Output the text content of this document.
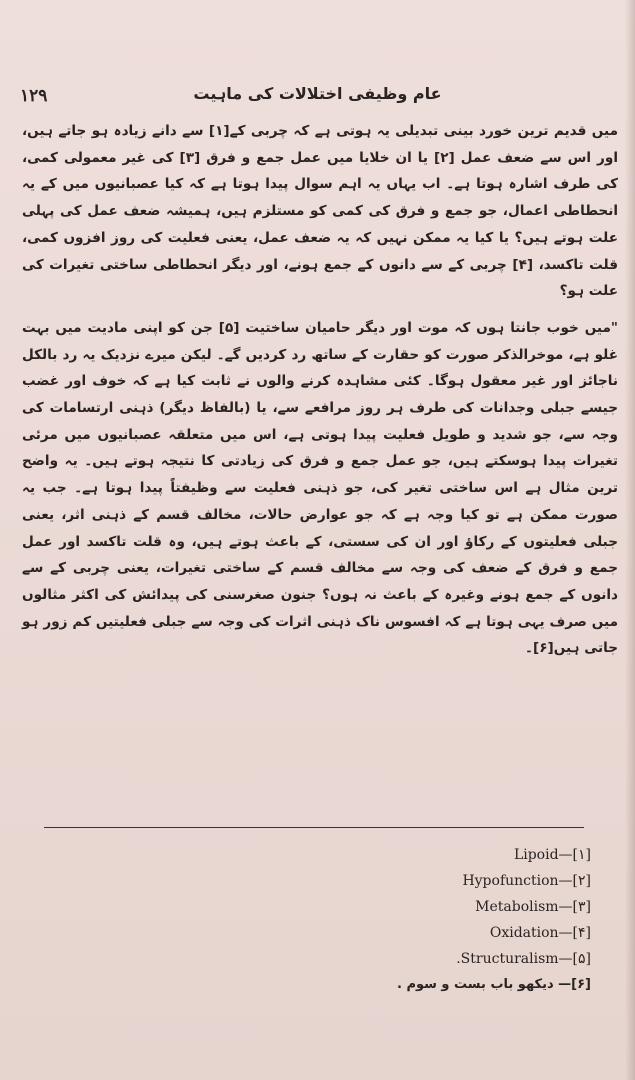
۱۲۹	عام وظیفی اختلالات کی ماہیت

میں قدیم ترین خورد بینی تبدیلی یہ ہوتی ہے کہ چربی کے[۱] سے دانے زیادہ ہو جاتے ہیں، اور اس سے ضعف عمل [۲] یا ان خلایا میں عمل جمع و فرق [۳] کی غیر معمولی کمی، کی طرف اشارہ ہوتا ہے۔ اب یہاں یہ اہم سوال پیدا ہوتا ہے کہ کیا عصبانیوں میں کے یہ انحطاطی اعمال، جو جمع و فرق کی کمی کو مستلزم ہیں، ہمیشہ ضعف عمل کی پہلی علت ہوتے ہیں؟ یا کیا یہ ممکن نہیں کہ یہ ضعف عمل، یعنی فعلیت کی روز افزوں کمی، قلت تاکسد، [۴] چربی کے سے دانوں کے جمع ہونے، اور دیگر انحطاطی ساختی تغیرات کی علت ہو؟

"میں خوب جانتا ہوں کہ موت اور دیگر حامیان ساختیت [۵] جن کو اپنی مادیت میں بہت غلو ہے، موخرالذکر صورت کو حقارت کے ساتھ رد کردیں گے۔ لیکن میرے نزدیک یہ رد بالکل ناجائز اور غیر معقول ہوگا۔ کئی مشاہدہ کرنے والوں نے ثابت کیا ہے کہ خوف اور غضب جیسے جبلی وجدانات کی طرف ہر روز مرافعے سے، یا (بالفاظ دیگر) ذہنی ارتسامات کی وجہ سے، جو شدید و طویل فعلیت پیدا ہوتی ہے، اس میں متعلقہ عصبانیوں میں مرئی تغیرات پیدا ہوسکتے ہیں، جو عمل جمع و فرق کی زیادتی کا نتیجہ ہوتے ہیں۔ یہ واضح ترین مثال ہے اس ساختی تغیر کی، جو ذہنی فعلیت سے وظیفتاً پیدا ہوتا ہے۔ جب یہ صورت ممکن ہے تو کیا وجہ ہے کہ جو عوارض حالات، مخالف قسم کے ذہنی اثر، یعنی جبلی فعلیتوں کے رکاؤ اور ان کی سستی، کے باعث ہوتے ہیں، وہ قلت تاکسد اور عمل جمع و فرق کے ضعف کی وجہ سے مخالف قسم کے ساختی تغیرات، یعنی چربی کے سے دانوں کے جمع ہونے وغیرہ کے باعث نہ ہوں؟ جنون صغرسنی کی پیدائش کی اکثر مثالوں میں صرف یہی ہوتا ہے کہ افسوس ناک ذہنی اثرات کی وجہ سے جبلی فعلیتیں کم زور ہو جاتی ہیں[۶]۔

Lipoid—[۱]
Hypofunction—[۲]
Metabolism—[۳]
Oxidation—[۴]
.Structuralism—[۵]
[۶]— دیکھو باب بست و سوم .
